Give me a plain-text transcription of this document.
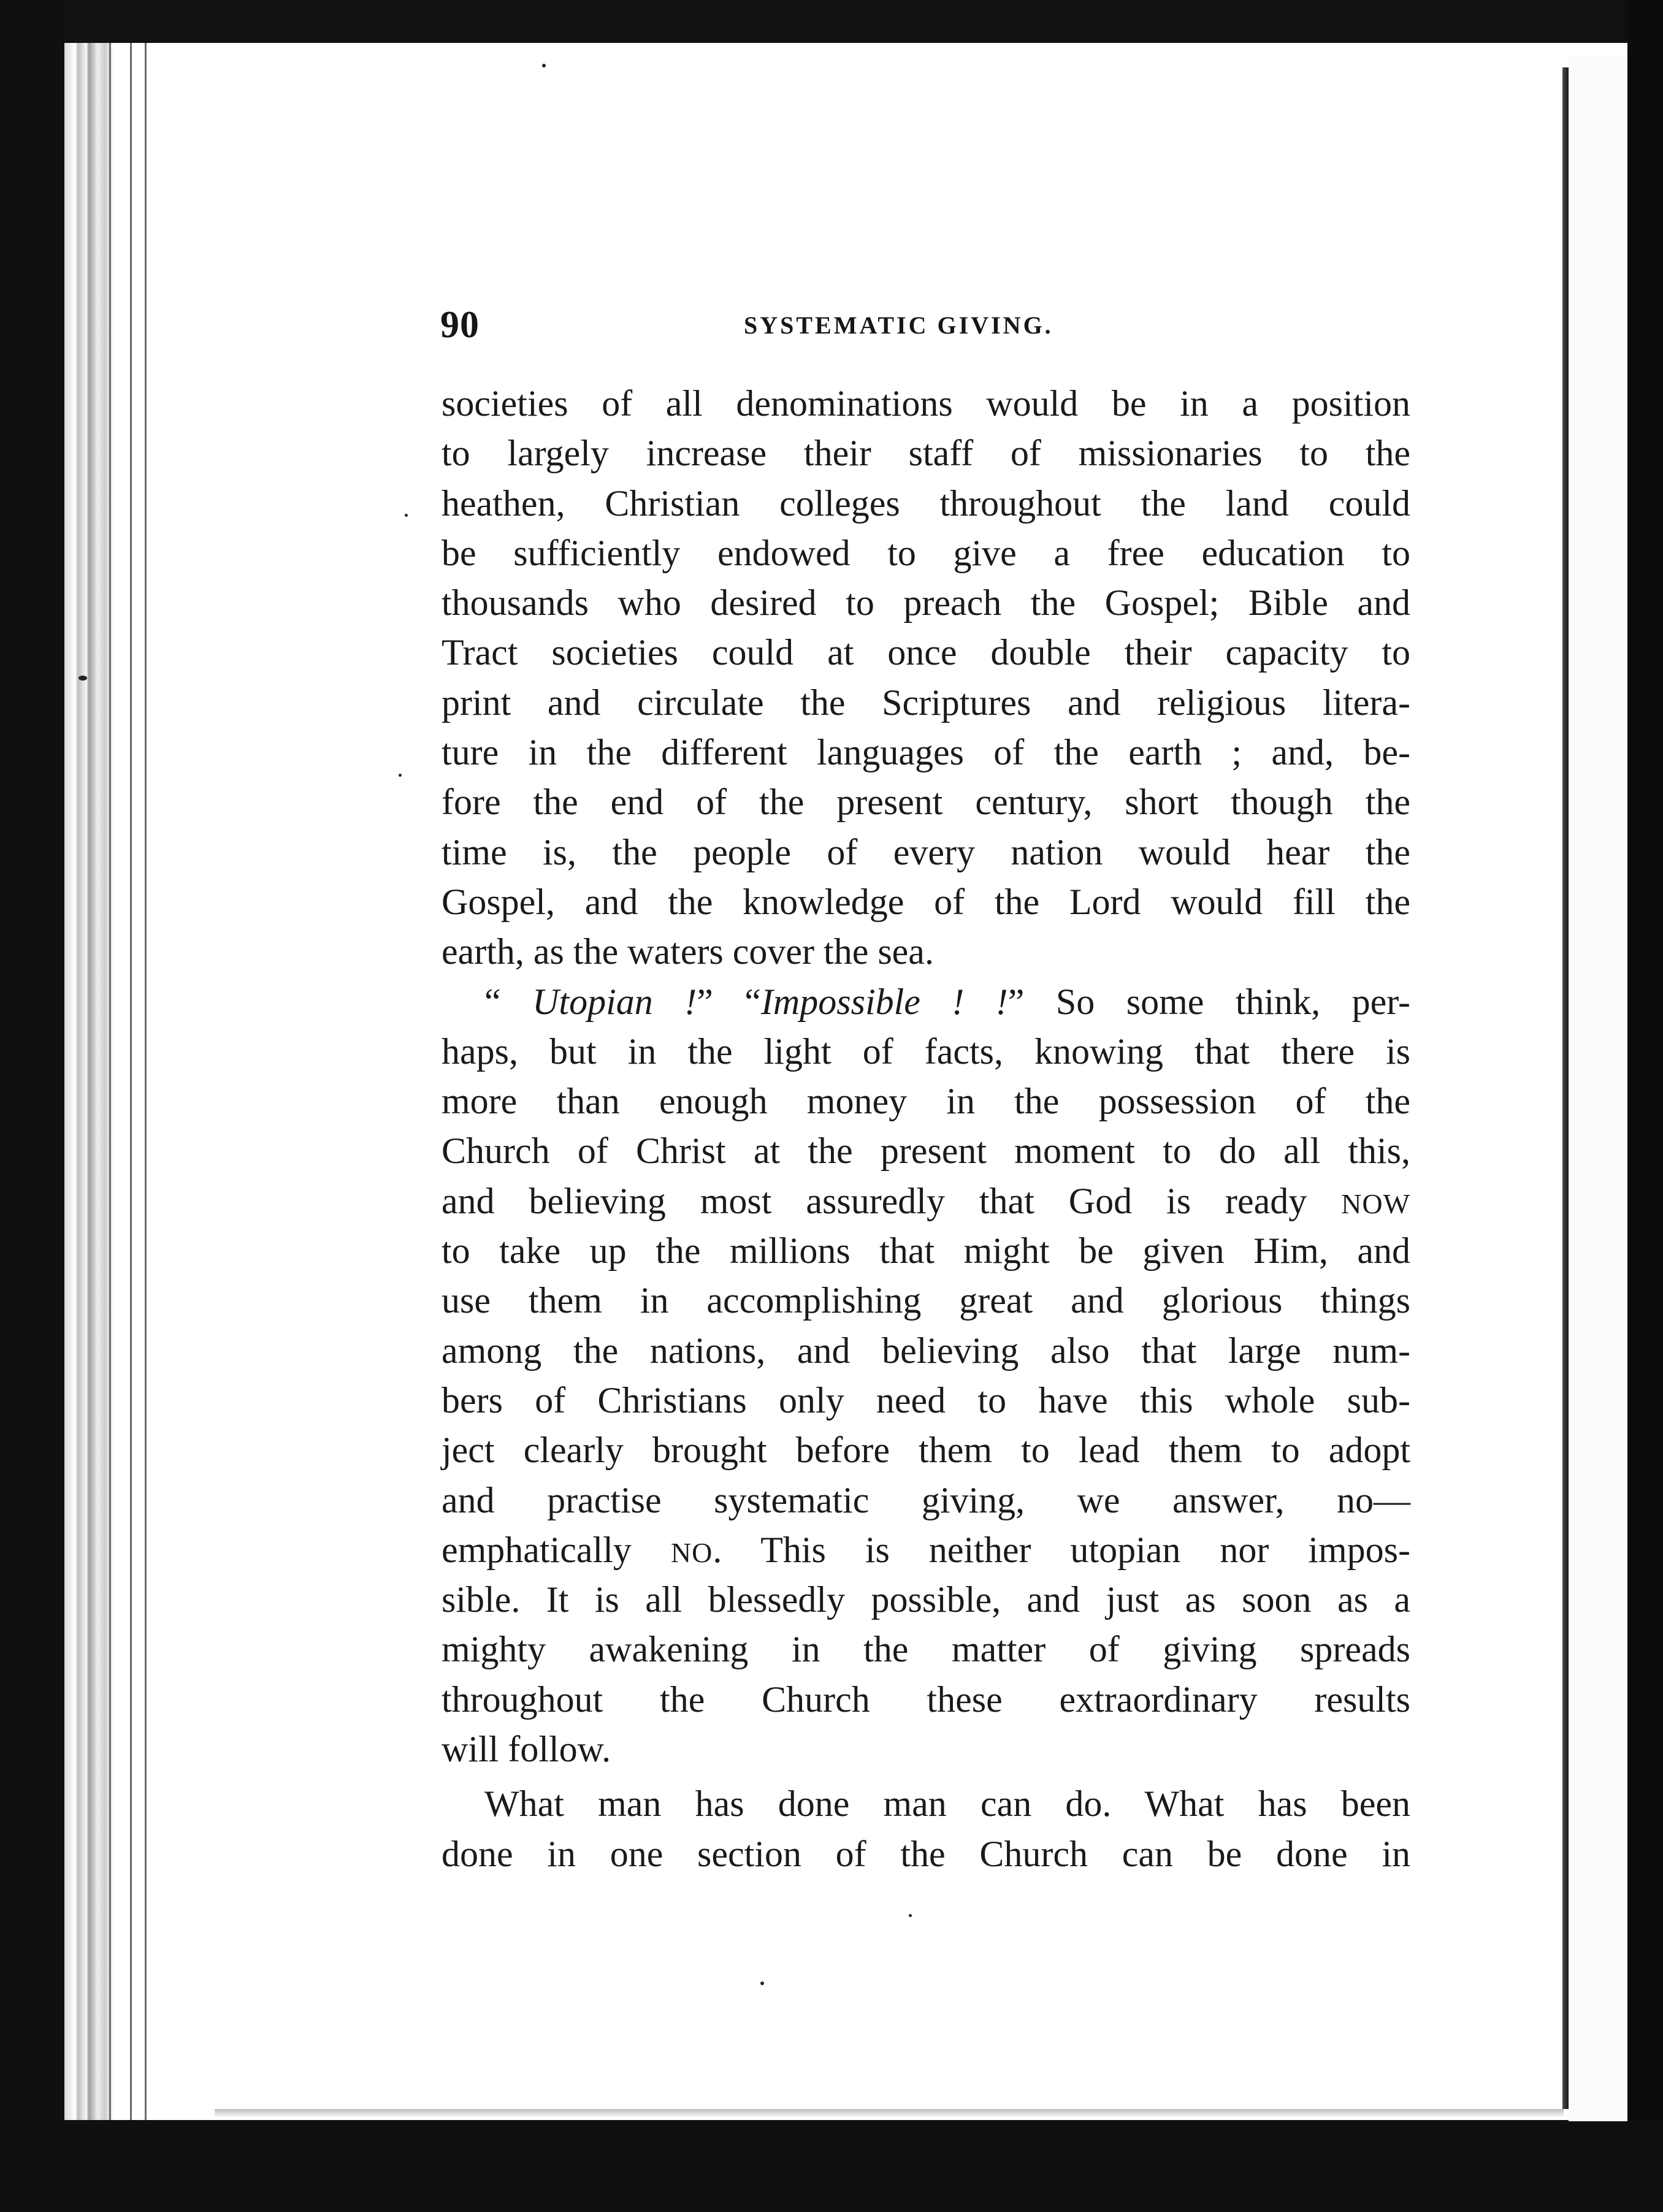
90	SYSTEMATIC GIVING.
societies of all denominations would be in a position
to largely increase their staff of missionaries to the
heathen, Christian colleges throughout the land could
be sufficiently endowed to give a free education to
thousands who desired to preach the Gospel; Bible and
Tract societies could at once double their capacity to
print and circulate the Scriptures and religious litera-
ture in the different languages of the earth ; and, be-
fore the end of the present century, short though the
time is, the people of every nation would hear the
Gospel, and the knowledge of the Lord would fill the
earth, as the waters cover the sea.
“ Utopian !” “Impossible ! !” So some think, per-
haps, but in the light of facts, knowing that there is
more than enough money in the possession of the
Church of Christ at the present moment to do all this,
and believing most assuredly that God is ready NOW
to take up the millions that might be given Him, and
use them in accomplishing great and glorious things
among the nations, and believing also that large num-
bers of Christians only need to have this whole sub-
ject clearly brought before them to lead them to adopt
and practise systematic giving, we answer, no—
emphatically NO. This is neither utopian nor impos-
sible. It is all blessedly possible, and just as soon as a
mighty awakening in the matter of giving spreads
throughout the Church these extraordinary results
will follow.
What man has done man can do. What has been
done in one section of the Church can be done in
